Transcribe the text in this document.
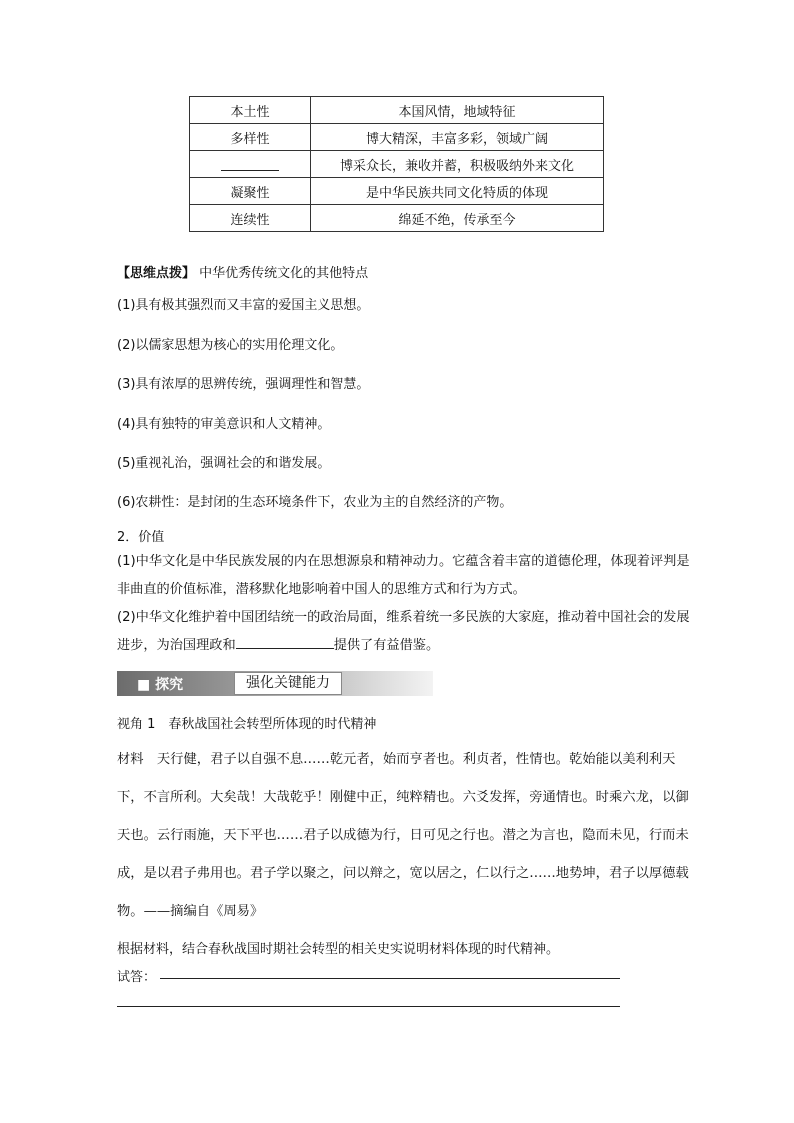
本土性	本国风情，地域特征
多样性	博大精深，丰富多彩，领域广阔
	博采众长，兼收并蓄，积极吸纳外来文化
凝聚性	是中华民族共同文化特质的体现
连续性	绵延不绝，传承至今
【思维点拨】 中华优秀传统文化的其他特点
(1)具有极其强烈而又丰富的爱国主义思想。
(2)以儒家思想为核心的实用伦理文化。
(3)具有浓厚的思辨传统，强调理性和智慧。
(4)具有独特的审美意识和人文精神。
(5)重视礼治，强调社会的和谐发展。
(6)农耕性：是封闭的生态环境条件下，农业为主的自然经济的产物。
2．价值
(1)中华文化是中华民族发展的内在思想源泉和精神动力。它蕴含着丰富的道德伦理，体现着评判是非曲直的价值标准，潜移默化地影响着中国人的思维方式和行为方式。
(2)中华文化维护着中国团结统一的政治局面，维系着统一多民族的大家庭，推动着中国社会的发展进步，为治国理政和	提供了有益借鉴。
■ 探究	强化关键能力
视角 1　春秋战国社会转型所体现的时代精神
材料　天行健，君子以自强不息……乾元者，始而亨者也。利贞者，性情也。乾始能以美利利天下，不言所利。大矣哉！大哉乾乎！刚健中正，纯粹精也。六爻发挥，旁通情也。时乘六龙，以御天也。云行雨施，天下平也……君子以成德为行，日可见之行也。潜之为言也，隐而未见，行而未成，是以君子弗用也。君子学以聚之，问以辩之，宽以居之，仁以行之……地势坤，君子以厚德载物。——摘编自《周易》
根据材料，结合春秋战国时期社会转型的相关史实说明材料体现的时代精神。
试答：
